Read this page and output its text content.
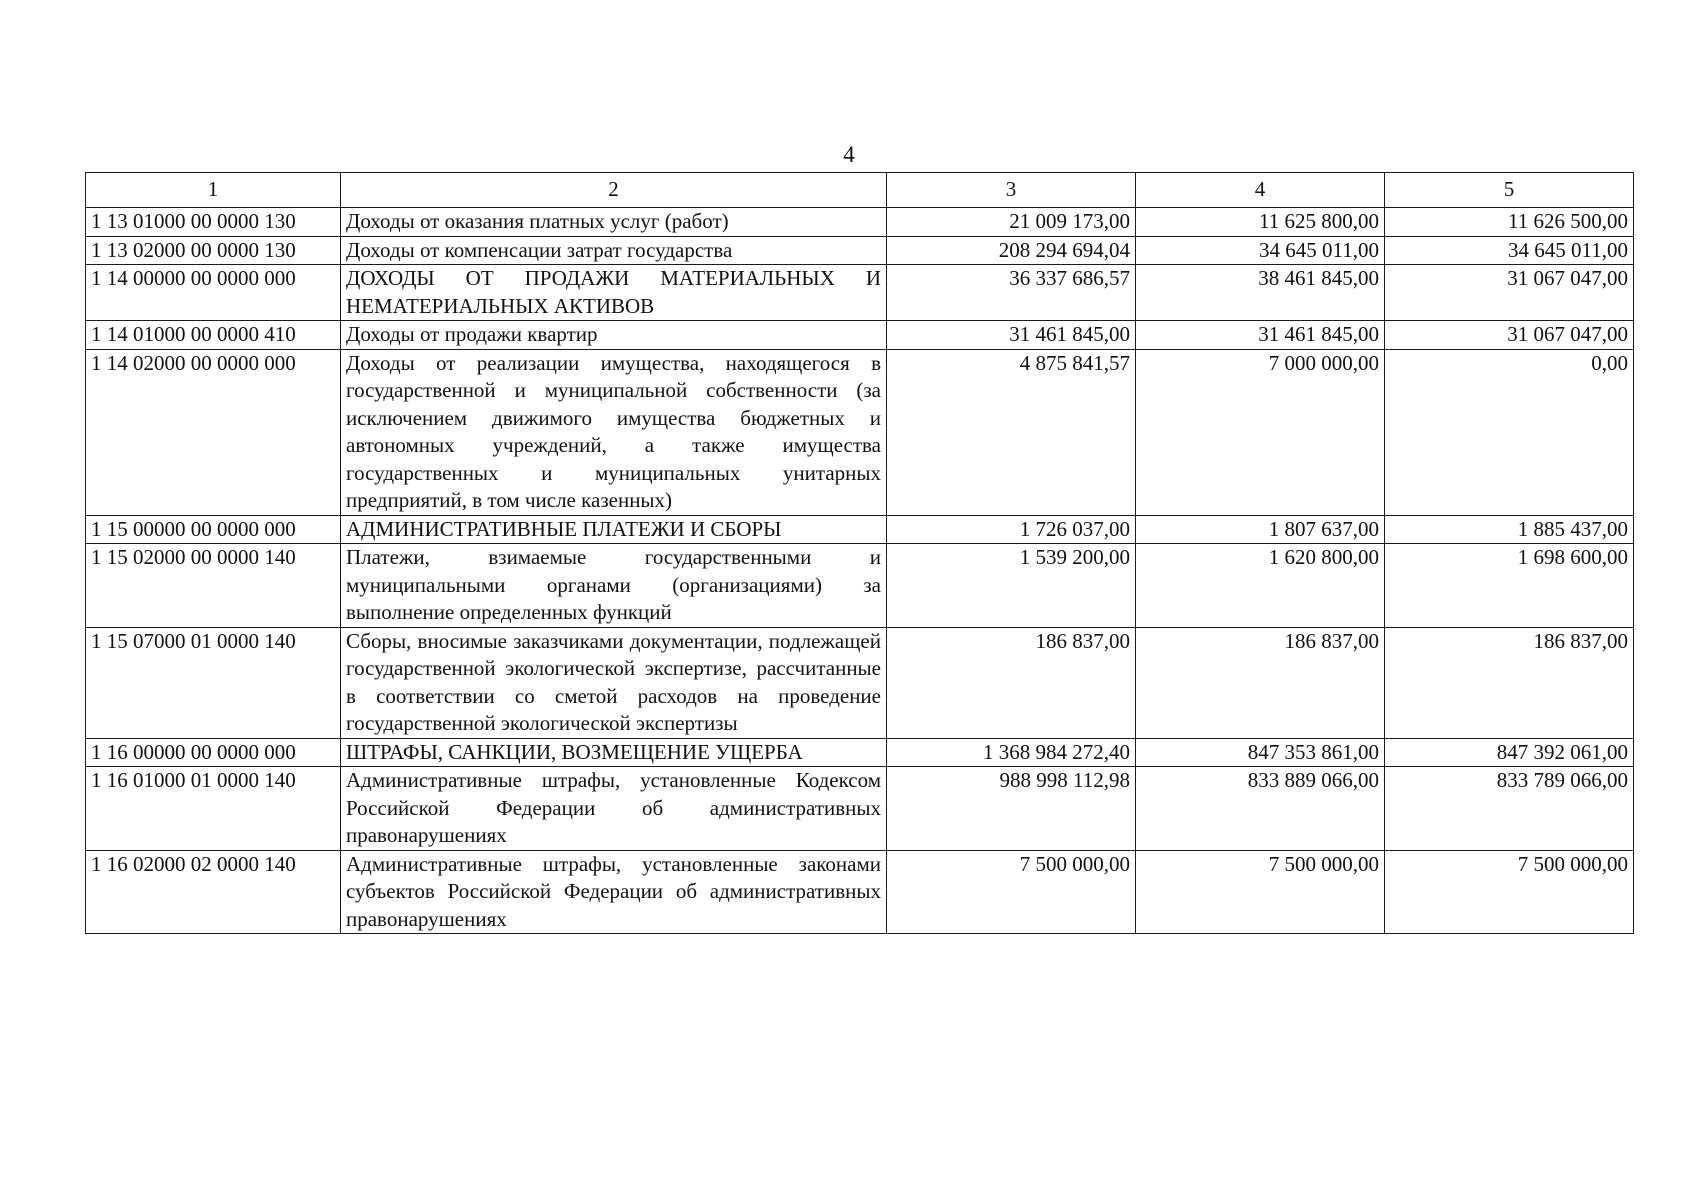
4
1	2	3	4	5
1 13 01000 00 0000 130	Доходы от оказания платных услуг (работ)	21 009 173,00	11 625 800,00	11 626 500,00
1 13 02000 00 0000 130	Доходы от компенсации затрат государства	208 294 694,04	34 645 011,00	34 645 011,00
1 14 00000 00 0000 000	ДОХОДЫ ОТ ПРОДАЖИ МАТЕРИАЛЬНЫХ И НЕМАТЕРИАЛЬНЫХ АКТИВОВ	36 337 686,57	38 461 845,00	31 067 047,00
1 14 01000 00 0000 410	Доходы от продажи квартир	31 461 845,00	31 461 845,00	31 067 047,00
1 14 02000 00 0000 000	Доходы от реализации имущества, находящегося в государственной и муниципальной собственности (за исключением движимого имущества бюджетных и автономных учреждений, а также имущества государственных и муниципальных унитарных предприятий, в том числе казенных)	4 875 841,57	7 000 000,00	0,00
1 15 00000 00 0000 000	АДМИНИСТРАТИВНЫЕ ПЛАТЕЖИ И СБОРЫ	1 726 037,00	1 807 637,00	1 885 437,00
1 15 02000 00 0000 140	Платежи, взимаемые государственными и муниципальными органами (организациями) за выполнение определенных функций	1 539 200,00	1 620 800,00	1 698 600,00
1 15 07000 01 0000 140	Сборы, вносимые заказчиками документации, подлежащей государственной экологической экспертизе, рассчитанные в соответствии со сметой расходов на проведение государственной экологической экспертизы	186 837,00	186 837,00	186 837,00
1 16 00000 00 0000 000	ШТРАФЫ, САНКЦИИ, ВОЗМЕЩЕНИЕ УЩЕРБА	1 368 984 272,40	847 353 861,00	847 392 061,00
1 16 01000 01 0000 140	Административные штрафы, установленные Кодексом Российской Федерации об административных правонарушениях	988 998 112,98	833 889 066,00	833 789 066,00
1 16 02000 02 0000 140	Административные штрафы, установленные законами субъектов Российской Федерации об административных правонарушениях	7 500 000,00	7 500 000,00	7 500 000,00
